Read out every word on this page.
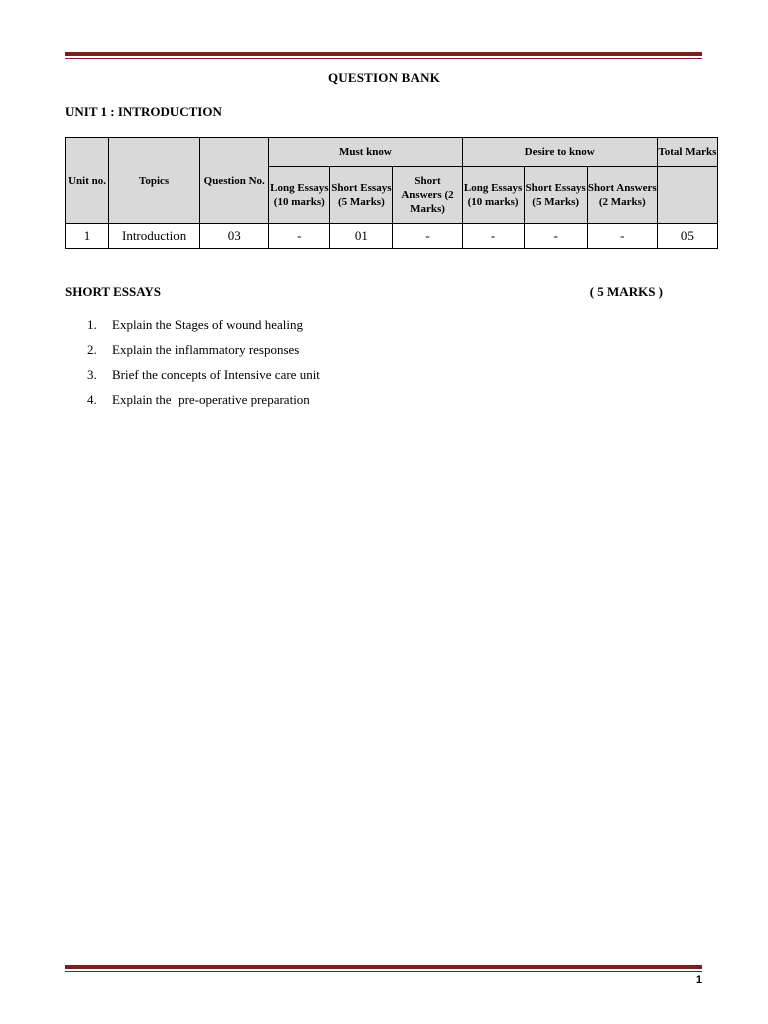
QUESTION BANK
UNIT 1 : INTRODUCTION
Unit no.	Topics	Question No.	Must know			Desire to know			Total Marks
			Long Essays (10 marks)	Short Essays (5 Marks)	Short Answers (2 Marks)	Long Essays (10 marks)	Short Essays (5 Marks)	Short Answers (2 Marks)	
1	Introduction	03	-	01	-	-	-	-	05
SHORT ESSAYS	( 5 MARKS )
1. Explain the Stages of wound healing
2. Explain the inflammatory responses
3. Brief the concepts of Intensive care unit
4. Explain the  pre-operative preparation
1
